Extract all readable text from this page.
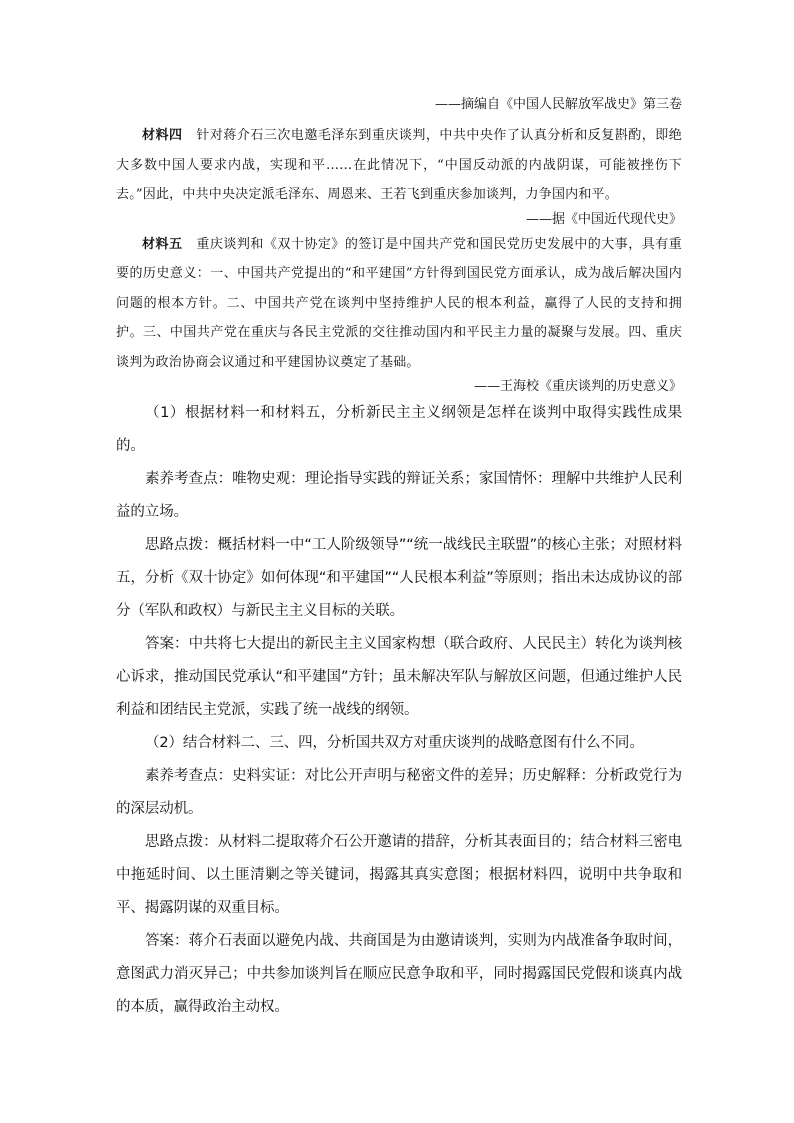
——摘编自《中国人民解放军战史》第三卷

材料四 针对蒋介石三次电邀毛泽东到重庆谈判，中共中央作了认真分析和反复斟酌，即绝大多数中国人要求内战，实现和平……在此情况下，“中国反动派的内战阴谋，可能被挫伤下去。”因此，中共中央决定派毛泽东、周恩来、王若飞到重庆参加谈判，力争国内和平。

——据《中国近代现代史》

材料五 重庆谈判和《双十协定》的签订是中国共产党和国民党历史发展中的大事，具有重要的历史意义：一、中国共产党提出的“和平建国”方针得到国民党方面承认，成为战后解决国内问题的根本方针。二、中国共产党在谈判中坚持维护人民的根本利益，赢得了人民的支持和拥护。三、中国共产党在重庆与各民主党派的交往推动国内和平民主力量的凝聚与发展。四、重庆谈判为政治协商会议通过和平建国协议奠定了基础。

——王海校《重庆谈判的历史意义》

（1）根据材料一和材料五，分析新民主主义纲领是怎样在谈判中取得实践性成果的。

素养考查点：唯物史观：理论指导实践的辩证关系；家国情怀：理解中共维护人民利益的立场。

思路点拨：概括材料一中“工人阶级领导”“统一战线民主联盟”的核心主张；对照材料五，分析《双十协定》如何体现“和平建国”“人民根本利益”等原则；指出未达成协议的部分（军队和政权）与新民主主义目标的关联。

答案：中共将七大提出的新民主主义国家构想（联合政府、人民民主）转化为谈判核心诉求，推动国民党承认“和平建国”方针；虽未解决军队与解放区问题，但通过维护人民利益和团结民主党派，实践了统一战线的纲领。

（2）结合材料二、三、四，分析国共双方对重庆谈判的战略意图有什么不同。

素养考查点：史料实证：对比公开声明与秘密文件的差异；历史解释：分析政党行为的深层动机。

思路点拨：从材料二提取蒋介石公开邀请的措辞，分析其表面目的；结合材料三密电中拖延时间、以土匪清剿之等关键词，揭露其真实意图；根据材料四，说明中共争取和平、揭露阴谋的双重目标。

答案：蒋介石表面以避免内战、共商国是为由邀请谈判，实则为内战准备争取时间，意图武力消灭异己；中共参加谈判旨在顺应民意争取和平，同时揭露国民党假和谈真内战的本质，赢得政治主动权。
